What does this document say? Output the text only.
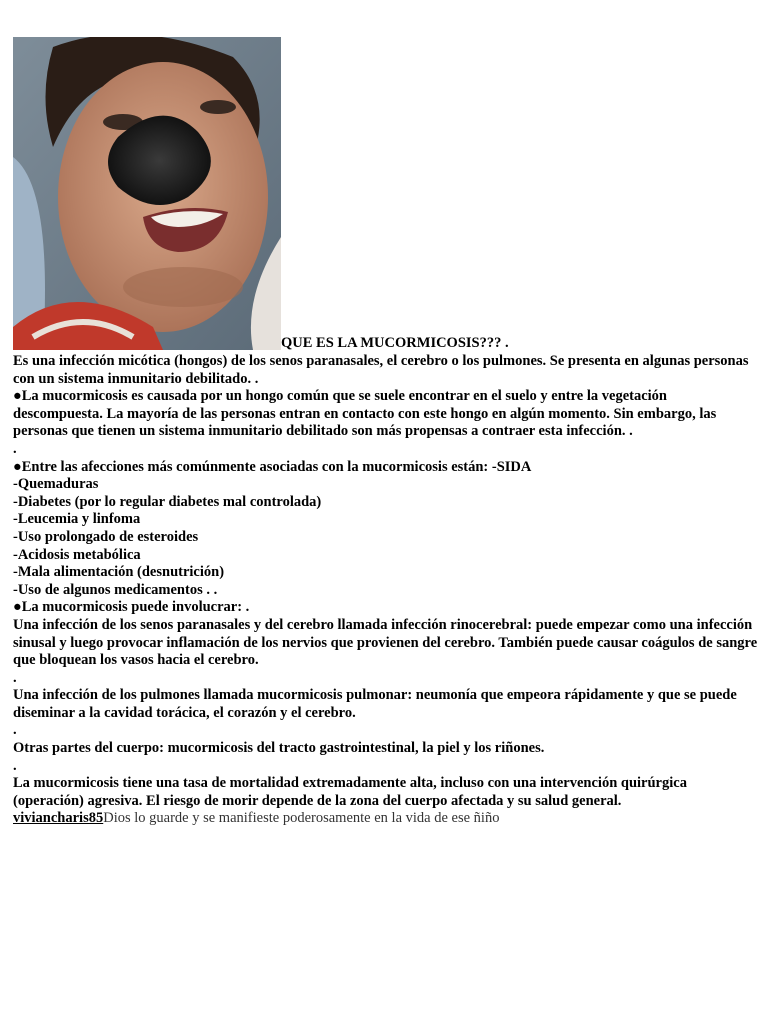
QUE ES LA MUCORMICOSIS??? .

Es una infección micótica (hongos) de los senos paranasales, el cerebro o los pulmones. Se presenta en algunas personas con un sistema inmunitario debilitado. .

●La mucormicosis es causada por un hongo común que se suele encontrar en el suelo y entre la vegetación descompuesta. La mayoría de las personas entran en contacto con este hongo en algún momento. Sin embargo, las personas que tienen un sistema inmunitario debilitado son más propensas a contraer esta infección. .

.

●Entre las afecciones más comúnmente asociadas con la mucormicosis están: -SIDA

-Quemaduras

-Diabetes (por lo regular diabetes mal controlada)

-Leucemia y linfoma

-Uso prolongado de esteroides

-Acidosis metabólica

-Mala alimentación (desnutrición)

-Uso de algunos medicamentos . .

●La mucormicosis puede involucrar: .

Una infección de los senos paranasales y del cerebro llamada infección rinocerebral: puede empezar como una infección sinusal y luego provocar inflamación de los nervios que provienen del cerebro. También puede causar coágulos de sangre que bloquean los vasos hacia el cerebro.

.

Una infección de los pulmones llamada mucormicosis pulmonar: neumonía que empeora rápidamente y que se puede diseminar a la cavidad torácica, el corazón y el cerebro.

.

Otras partes del cuerpo: mucormicosis del tracto gastrointestinal, la piel y los riñones.

.

La mucormicosis tiene una tasa de mortalidad extremadamente alta, incluso con una intervención quirúrgica (operación) agresiva. El riesgo de morir depende de la zona del cuerpo afectada y su salud general.

viviancharis85Dios lo guarde y se manifieste poderosamente en la vida de ese ñiño
